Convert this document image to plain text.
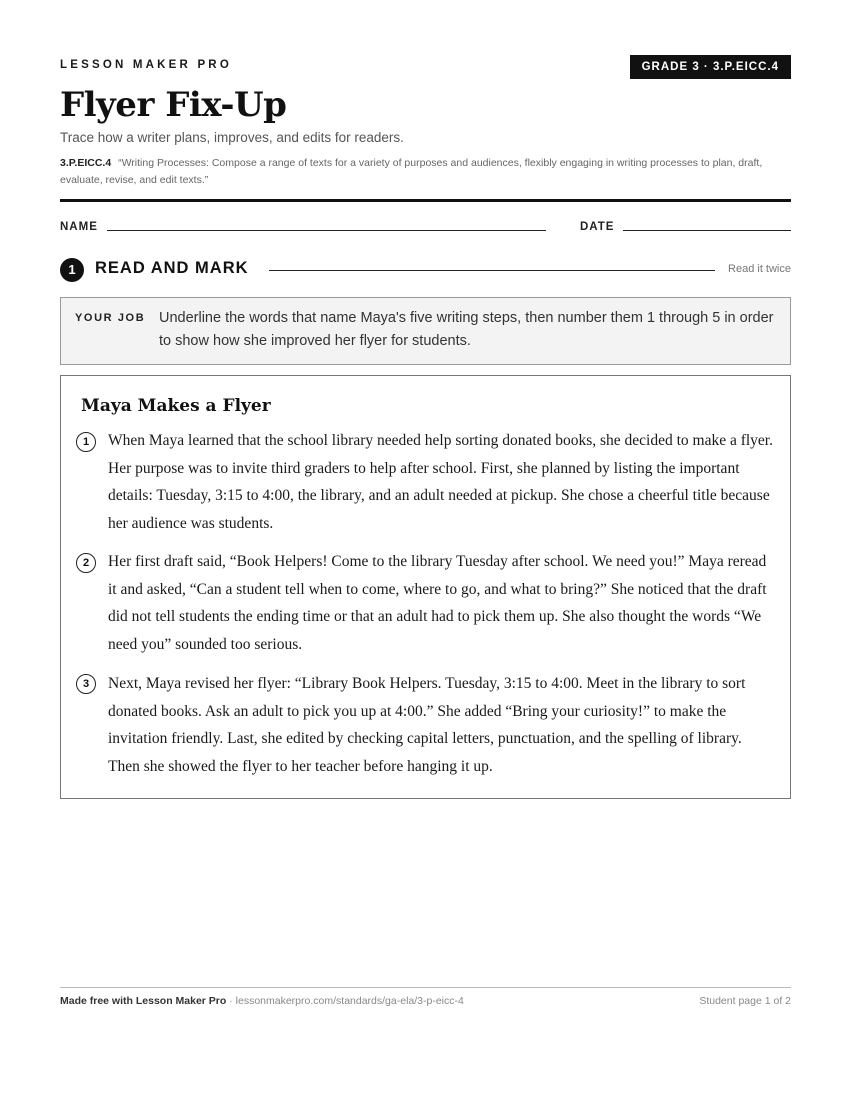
LESSON MAKER PRO	GRADE 3 · 3.P.EICC.4
Flyer Fix-Up
Trace how a writer plans, improves, and edits for readers.
3.P.EICC.4 “Writing Processes: Compose a range of texts for a variety of purposes and audiences, flexibly engaging in writing processes to plan, draft, evaluate, revise, and edit texts.”
NAME	DATE
1	READ AND MARK	Read it twice
YOUR JOB Underline the words that name Maya's five writing steps, then number them 1 through 5 in order to show how she improved her flyer for students.
Maya Makes a Flyer
1	When Maya learned that the school library needed help sorting donated books, she decided to make a flyer. Her purpose was to invite third graders to help after school. First, she planned by listing the important details: Tuesday, 3:15 to 4:00, the library, and an adult needed at pickup. She chose a cheerful title because her audience was students.

2	Her first draft said, “Book Helpers! Come to the library Tuesday after school. We need you!” Maya reread it and asked, “Can a student tell when to come, where to go, and what to bring?” She noticed that the draft did not tell students the ending time or that an adult had to pick them up. She also thought the words “We need you” sounded too serious.

3	Next, Maya revised her flyer: “Library Book Helpers. Tuesday, 3:15 to 4:00. Meet in the library to sort donated books. Ask an adult to pick you up at 4:00.” She added “Bring your curiosity!” to make the invitation friendly. Last, she edited by checking capital letters, punctuation, and the spelling of library. Then she showed the flyer to her teacher before hanging it up.

Made free with Lesson Maker Pro · lessonmakerpro.com/standards/ga-ela/3-p-eicc-4	Student page 1 of 2
